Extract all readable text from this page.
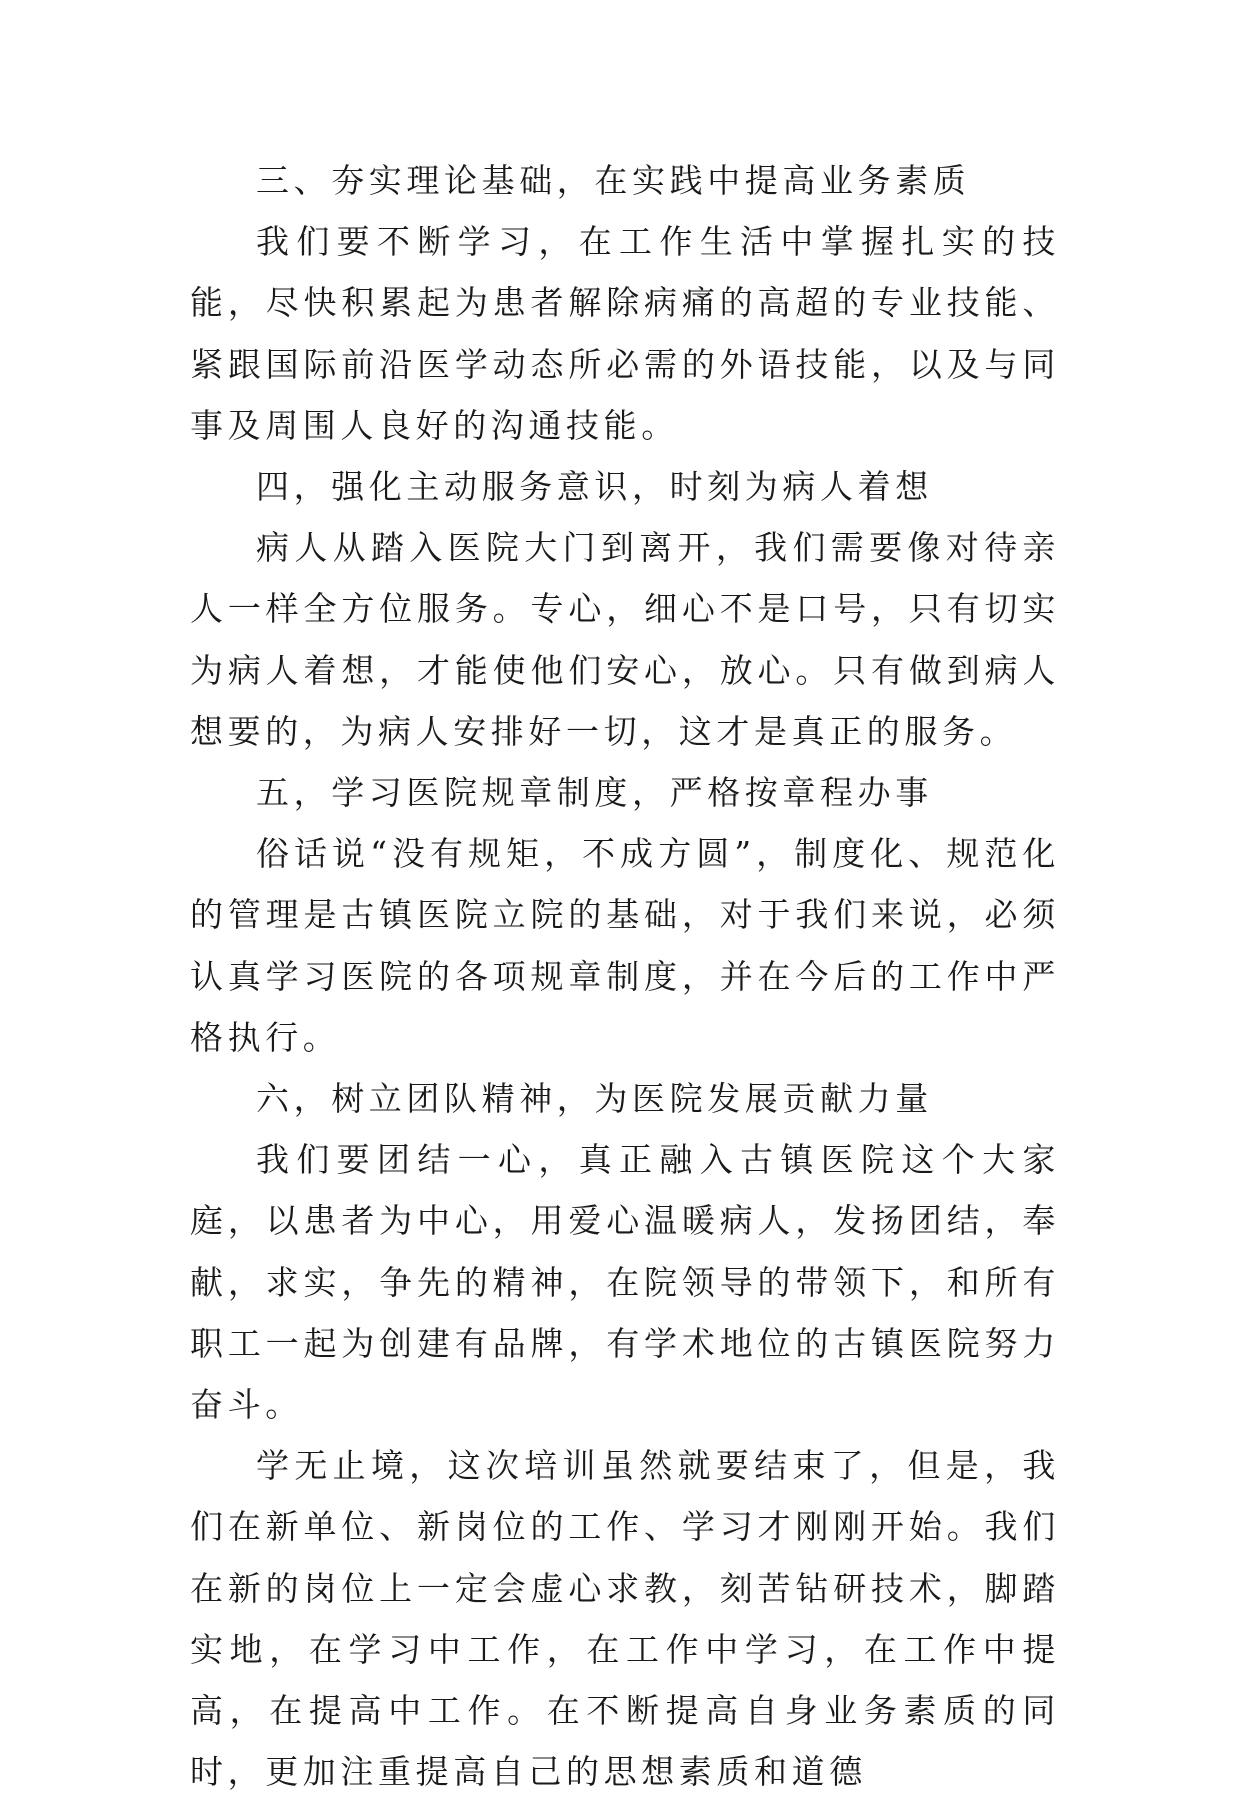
三、夯实理论基础，在实践中提高业务素质

我们要不断学习，在工作生活中掌握扎实的技能，尽快积累起为患者解除病痛的高超的专业技能、紧跟国际前沿医学动态所必需的外语技能，以及与同事及周围人良好的沟通技能。

四，强化主动服务意识，时刻为病人着想

病人从踏入医院大门到离开，我们需要像对待亲人一样全方位服务。专心，细心不是口号，只有切实为病人着想，才能使他们安心，放心。只有做到病人想要的，为病人安排好一切，这才是真正的服务。

五，学习医院规章制度，严格按章程办事

俗话说“没有规矩，不成方圆”，制度化、规范化的管理是古镇医院立院的基础，对于我们来说，必须认真学习医院的各项规章制度，并在今后的工作中严格执行。

六，树立团队精神，为医院发展贡献力量

我们要团结一心，真正融入古镇医院这个大家庭，以患者为中心，用爱心温暖病人，发扬团结，奉献，求实，争先的精神，在院领导的带领下，和所有职工一起为创建有品牌，有学术地位的古镇医院努力奋斗。

学无止境，这次培训虽然就要结束了，但是，我们在新单位、新岗位的工作、学习才刚刚开始。我们在新的岗位上一定会虚心求教，刻苦钻研技术，脚踏实地，在学习中工作，在工作中学习，在工作中提高，在提高中工作。在不断提高自身业务素质的同时，更加注重提高自己的思想素质和道德
